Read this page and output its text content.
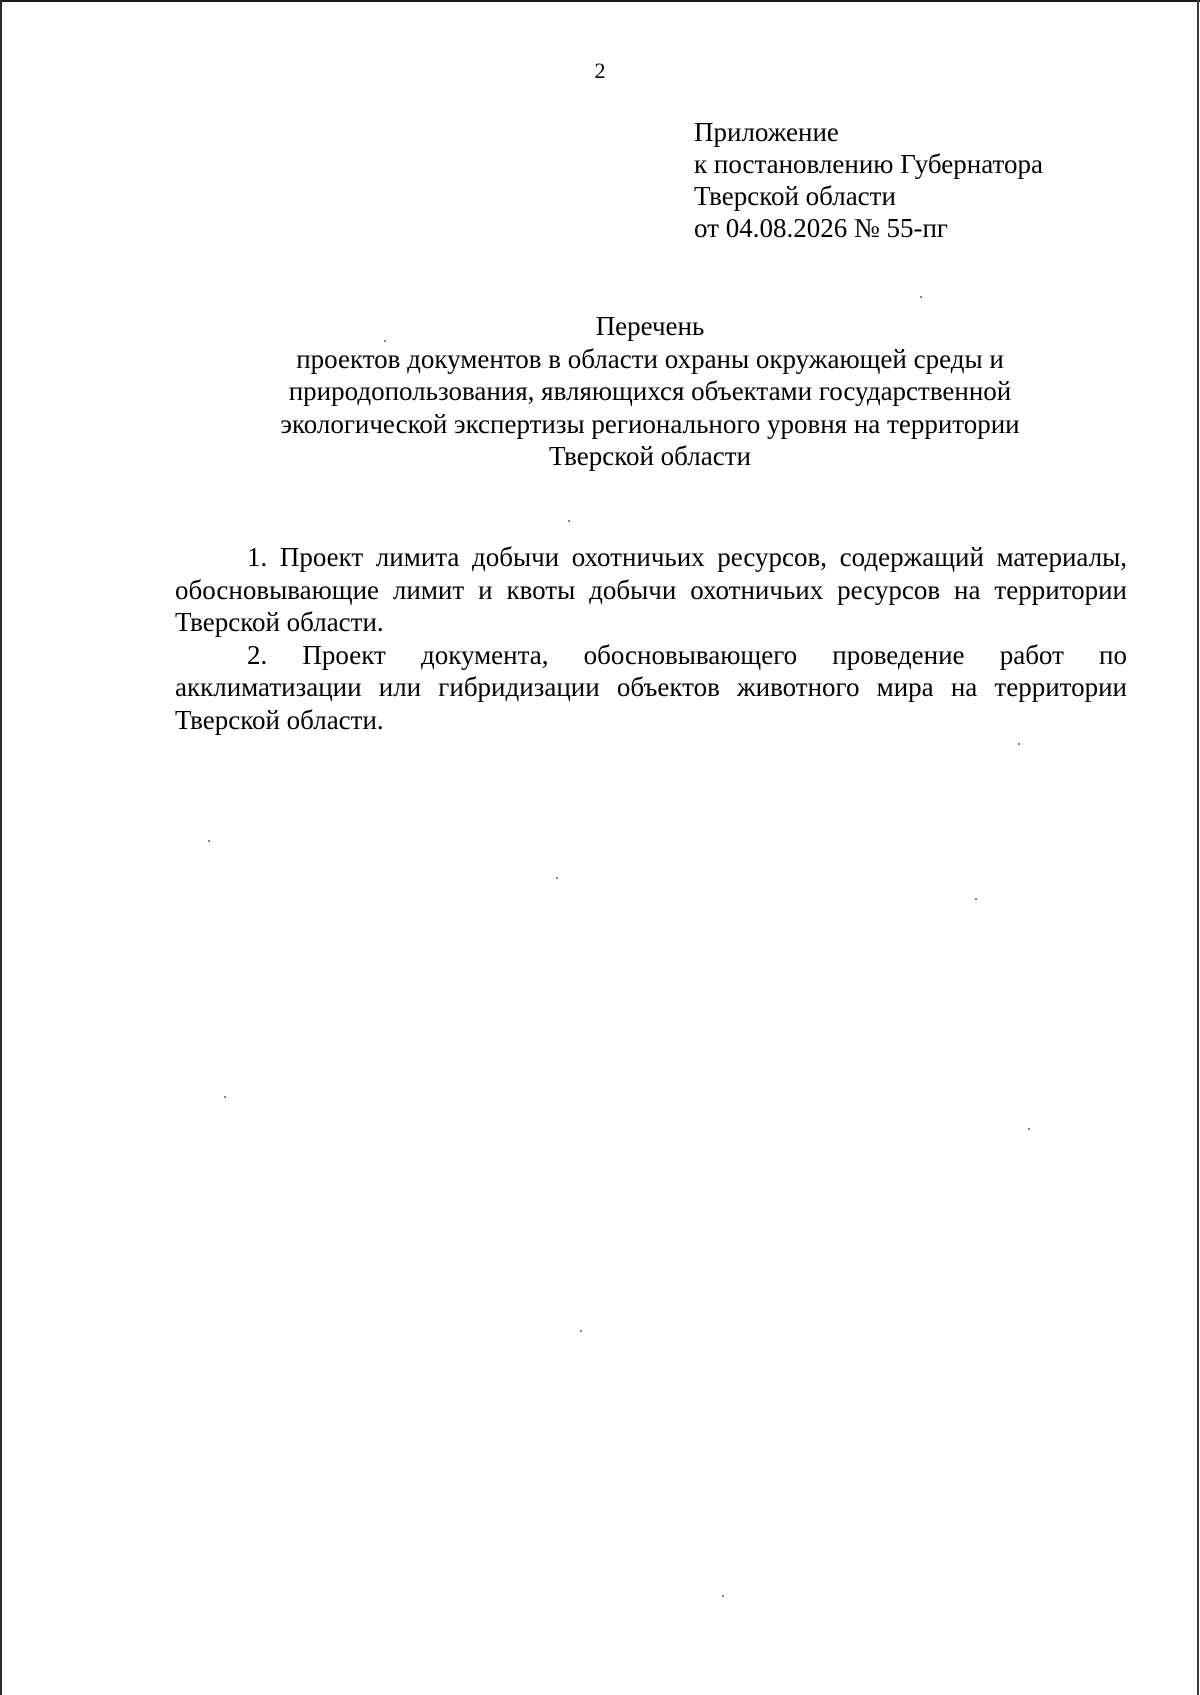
2
Приложение
к постановлению Губернатора
Тверской области
от 04.08.2026 № 55-пг
Перечень
проектов документов в области охраны окружающей среды и
природопользования, являющихся объектами государственной
экологической экспертизы регионального уровня на территории
Тверской области
1. Проект лимита добычи охотничьих ресурсов, содержащий материалы, обосновывающие лимит и квоты добычи охотничьих ресурсов на территории Тверской области.
2. Проект документа, обосновывающего проведение работ по акклиматизации или гибридизации объектов животного мира на территории Тверской области.
